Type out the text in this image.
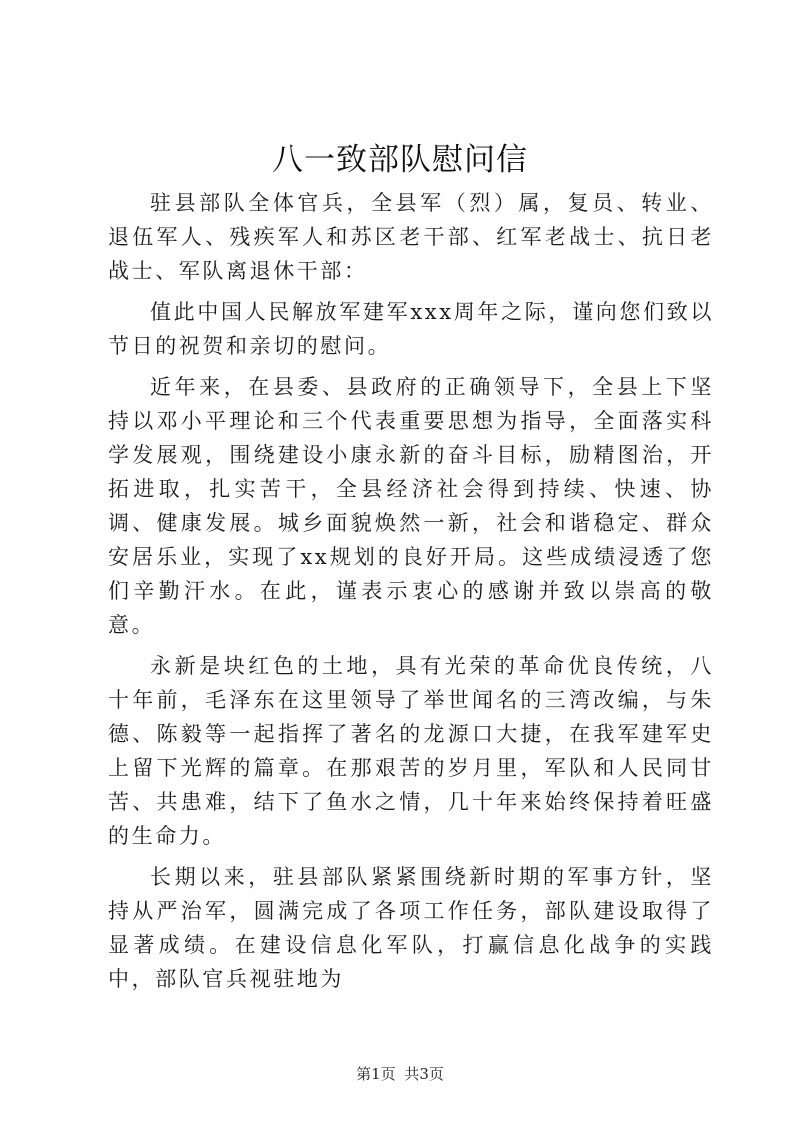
八一致部队慰问信

驻县部队全体官兵，全县军（烈）属，复员、转业、退伍军人、残疾军人和苏区老干部、红军老战士、抗日老战士、军队离退休干部：

值此中国人民解放军建军xxx周年之际，谨向您们致以节日的祝贺和亲切的慰问。

近年来，在县委、县政府的正确领导下，全县上下坚持以邓小平理论和三个代表重要思想为指导，全面落实科学发展观，围绕建设小康永新的奋斗目标，励精图治，开拓进取，扎实苦干，全县经济社会得到持续、快速、协调、健康发展。城乡面貌焕然一新，社会和谐稳定、群众安居乐业，实现了xx规划的良好开局。这些成绩浸透了您们辛勤汗水。在此，谨表示衷心的感谢并致以崇高的敬意。

永新是块红色的土地，具有光荣的革命优良传统，八十年前，毛泽东在这里领导了举世闻名的三湾改编，与朱德、陈毅等一起指挥了著名的龙源口大捷，在我军建军史上留下光辉的篇章。在那艰苦的岁月里，军队和人民同甘苦、共患难，结下了鱼水之情，几十年来始终保持着旺盛的生命力。

长期以来，驻县部队紧紧围绕新时期的军事方针，坚持从严治军，圆满完成了各项工作任务，部队建设取得了显著成绩。在建设信息化军队，打赢信息化战争的实践中，部队官兵视驻地为

第1页 共3页
